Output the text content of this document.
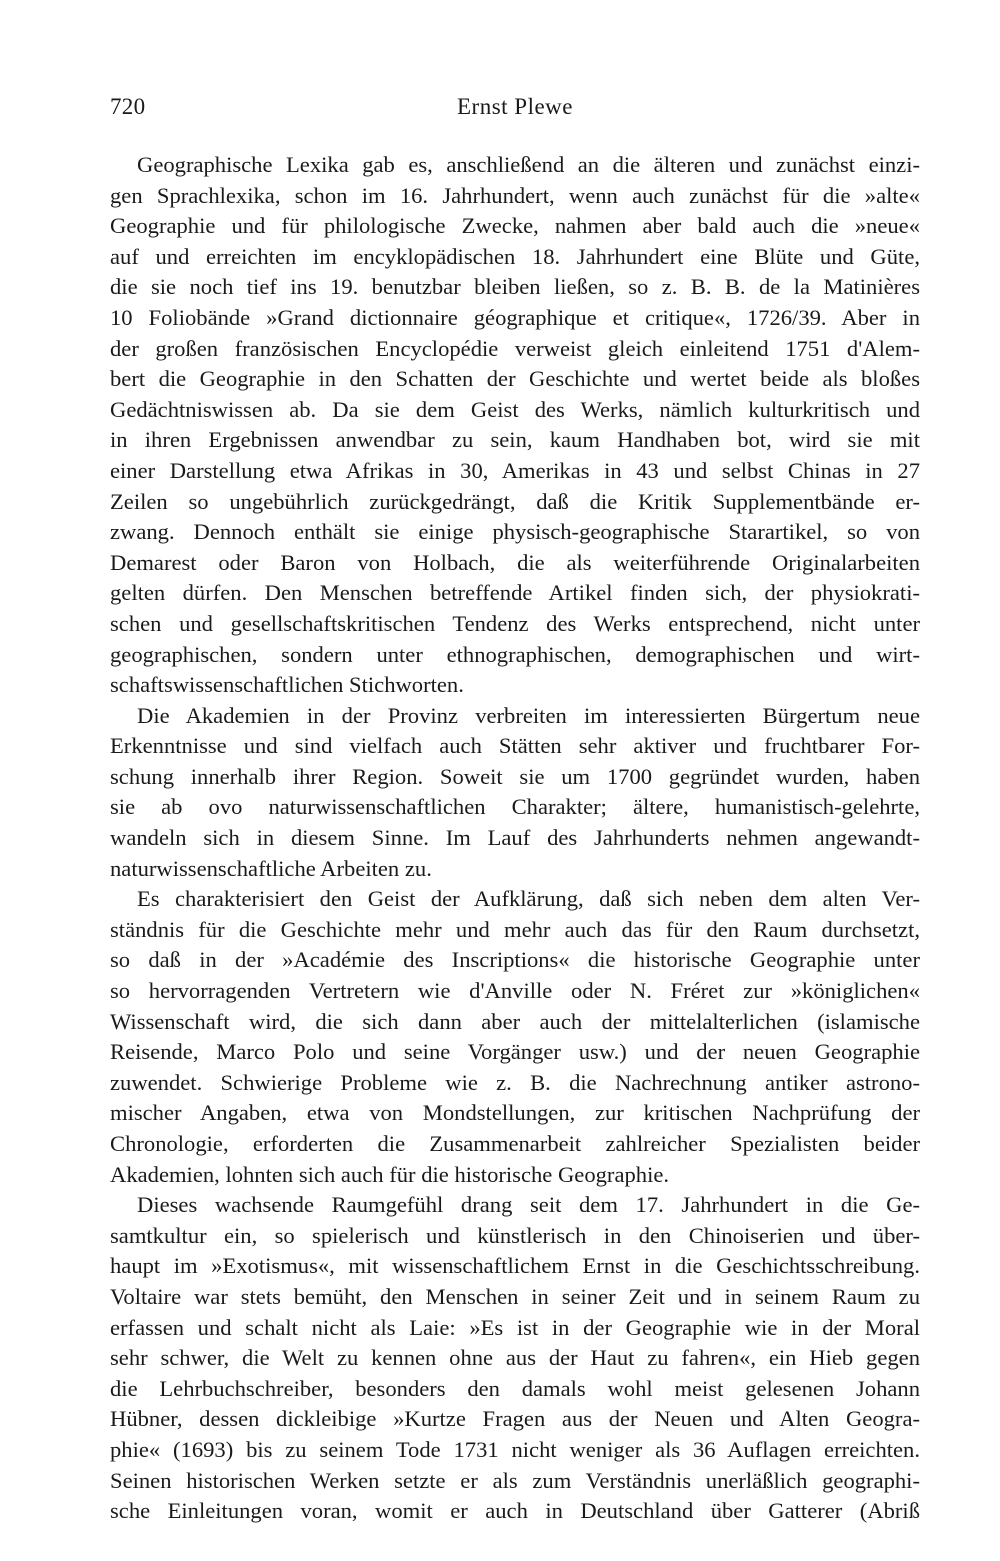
720	Ernst Plewe
Geographische Lexika gab es, anschließend an die älteren und zunächst einzi-
gen Sprachlexika, schon im 16. Jahrhundert, wenn auch zunächst für die »alte«
Geographie und für philologische Zwecke, nahmen aber bald auch die »neue«
auf und erreichten im encyklopädischen 18. Jahrhundert eine Blüte und Güte,
die sie noch tief ins 19. benutzbar bleiben ließen, so z. B. B. de la Matinières
10 Foliobände »Grand dictionnaire géographique et critique«, 1726/39. Aber in
der großen französischen Encyclopédie verweist gleich einleitend 1751 d'Alem-
bert die Geographie in den Schatten der Geschichte und wertet beide als bloßes
Gedächtniswissen ab. Da sie dem Geist des Werks, nämlich kulturkritisch und
in ihren Ergebnissen anwendbar zu sein, kaum Handhaben bot, wird sie mit
einer Darstellung etwa Afrikas in 30, Amerikas in 43 und selbst Chinas in 27
Zeilen so ungebührlich zurückgedrängt, daß die Kritik Supplementbände er-
zwang. Dennoch enthält sie einige physisch-geographische Starartikel, so von
Demarest oder Baron von Holbach, die als weiterführende Originalarbeiten
gelten dürfen. Den Menschen betreffende Artikel finden sich, der physiokrati-
schen und gesellschaftskritischen Tendenz des Werks entsprechend, nicht unter
geographischen, sondern unter ethnographischen, demographischen und wirt-
schaftswissenschaftlichen Stichworten.
Die Akademien in der Provinz verbreiten im interessierten Bürgertum neue
Erkenntnisse und sind vielfach auch Stätten sehr aktiver und fruchtbarer For-
schung innerhalb ihrer Region. Soweit sie um 1700 gegründet wurden, haben
sie ab ovo naturwissenschaftlichen Charakter; ältere, humanistisch-gelehrte,
wandeln sich in diesem Sinne. Im Lauf des Jahrhunderts nehmen angewandt-
naturwissenschaftliche Arbeiten zu.
Es charakterisiert den Geist der Aufklärung, daß sich neben dem alten Ver-
ständnis für die Geschichte mehr und mehr auch das für den Raum durchsetzt,
so daß in der »Académie des Inscriptions« die historische Geographie unter
so hervorragenden Vertretern wie d'Anville oder N. Fréret zur »königlichen«
Wissenschaft wird, die sich dann aber auch der mittelalterlichen (islamische
Reisende, Marco Polo und seine Vorgänger usw.) und der neuen Geographie
zuwendet. Schwierige Probleme wie z. B. die Nachrechnung antiker astrono-
mischer Angaben, etwa von Mondstellungen, zur kritischen Nachprüfung der
Chronologie, erforderten die Zusammenarbeit zahlreicher Spezialisten beider
Akademien, lohnten sich auch für die historische Geographie.
Dieses wachsende Raumgefühl drang seit dem 17. Jahrhundert in die Ge-
samtkultur ein, so spielerisch und künstlerisch in den Chinoiserien und über-
haupt im »Exotismus«, mit wissenschaftlichem Ernst in die Geschichtsschreibung.
Voltaire war stets bemüht, den Menschen in seiner Zeit und in seinem Raum zu
erfassen und schalt nicht als Laie: »Es ist in der Geographie wie in der Moral
sehr schwer, die Welt zu kennen ohne aus der Haut zu fahren«, ein Hieb gegen
die Lehrbuchschreiber, besonders den damals wohl meist gelesenen Johann
Hübner, dessen dickleibige »Kurtze Fragen aus der Neuen und Alten Geogra-
phie« (1693) bis zu seinem Tode 1731 nicht weniger als 36 Auflagen erreichten.
Seinen historischen Werken setzte er als zum Verständnis unerläßlich geographi-
sche Einleitungen voran, womit er auch in Deutschland über Gatterer (Abriß
